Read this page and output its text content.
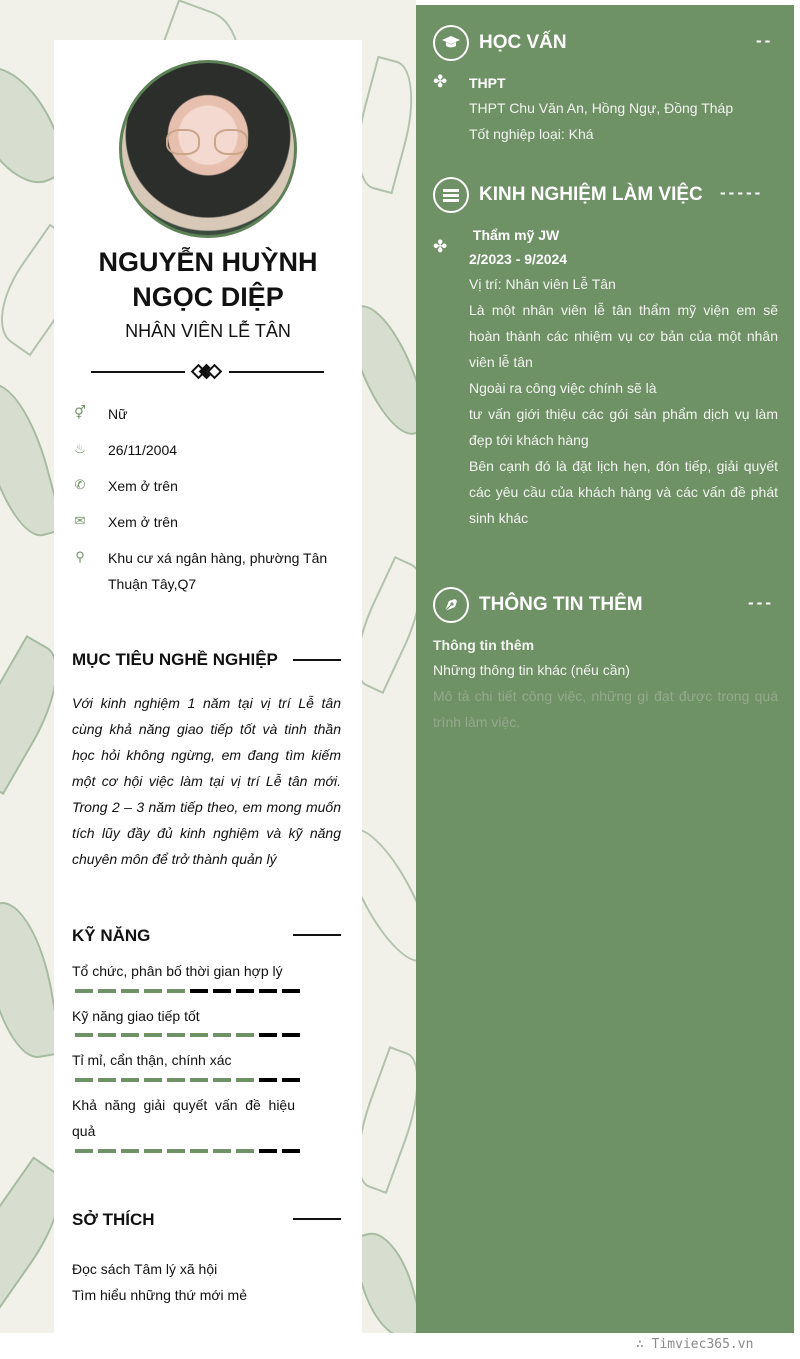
NGUYỄN HUỲNH
NGỌC DIỆP
NHÂN VIÊN LỄ TÂN
⚥ Nữ
♨ 26/11/2004
✆ Xem ở trên
✉ Xem ở trên
⚲ Khu cư xá ngân hàng, phường Tân Thuận Tây,Q7
MỤC TIÊU NGHỀ NGHIỆP
Với kinh nghiệm 1 năm tại vị trí Lễ tân cùng khả năng giao tiếp tốt và tinh thần học hỏi không ngừng, em đang tìm kiếm một cơ hội việc làm tại vị trí Lễ tân mới. Trong 2 – 3 năm tiếp theo, em mong muốn tích lũy đầy đủ kinh nghiệm và kỹ năng chuyên môn để trở thành quản lý
KỸ NĂNG
Tổ chức, phân bố thời gian hợp lý
Kỹ năng giao tiếp tốt
Tỉ mỉ, cẩn thận, chính xác
Khả năng giải quyết vấn đề hiệu quả
SỞ THÍCH
Đọc sách Tâm lý xã hội
Tìm hiểu những thứ mới mẻ
HỌC VẤN	--
✤ THPT
THPT Chu Văn An, Hồng Ngự, Đồng Tháp
Tốt nghiệp loại: Khá
KINH NGHIỆM LÀM VIỆC -----
✤
Thẩm mỹ JW
2/2023 - 9/2024
Vị trí: Nhân viên Lễ Tân
Là một nhân viên lễ tân thẩm mỹ viện em sẽ hoàn thành các nhiệm vụ cơ bản của một nhân viên lễ tân
Ngoài ra công việc chính sẽ là
tư vấn giới thiệu các gói sản phẩm dịch vụ làm đẹp tới khách hàng
Bên cạnh đó là đặt lịch hẹn, đón tiếp, giải quyết các yêu cầu của khách hàng và các vấn đề phát sinh khác
THÔNG TIN THÊM	---
Thông tin thêm
Những thông tin khác (nếu cần)
Mô tả chi tiết công việc, những gì đạt được trong quá trình làm việc.
∴ Timviec365.vn
